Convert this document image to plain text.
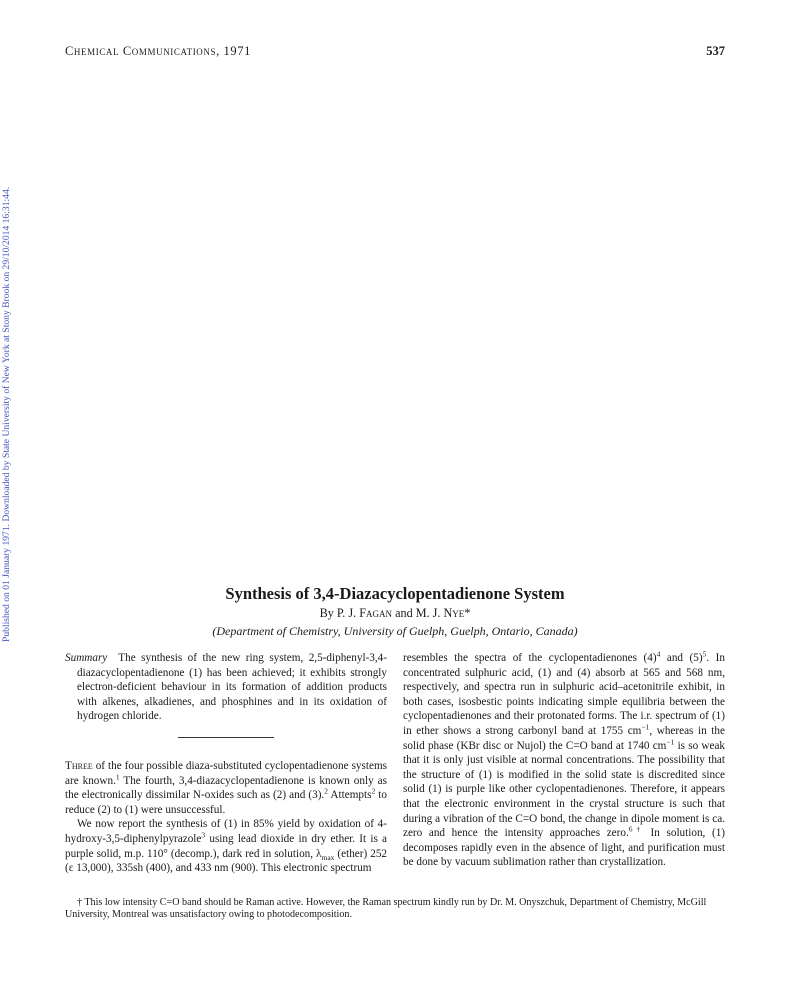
Published on 01 January 1971. Downloaded by State University of New York at Stony Brook on 29/10/2014 16:31:44.
Chemical Communications, 1971	537
Synthesis of 3,4-Diazacyclopentadienone System
By P. J. Fagan and M. J. Nye*
(Department of Chemistry, University of Guelph, Guelph, Ontario, Canada)

Summary The synthesis of the new ring system, 2,5-diphenyl-3,4-diazacyclopentadienone (1) has been achieved; it exhibits strongly electron-deficient behaviour in its formation of addition products with alkenes, alkadienes, and phosphines and in its oxidation of hydrogen chloride.

Three of the four possible diaza-substituted cyclopentadienone systems are known.$^1$ The fourth, 3,4-diazacyclopentadienone is known only as the electronically dissimilar N-oxides such as (2) and (3).$^2$ Attempts$^2$ to reduce (2) to (1) were unsuccessful.

We now report the synthesis of (1) in 85% yield by oxidation of 4-hydroxy-3,5-diphenylpyrazole$^3$ using lead dioxide in dry ether. It is a purple solid, m.p. 110° (decomp.), dark red in solution, $\lambda_{max}$ (ether) 252 (ε 13,000), 335sh (400), and 433 nm (900). This electronic spectrum

resembles the spectra of the cyclopentadienones $(4)^4$ and $(5)^5$. In concentrated sulphuric acid, (1) and (4) absorb at 565 and 568 nm, respectively, and spectra run in sulphuric acid–acetonitrile exhibit, in both cases, isosbestic points indicating simple equilibria between the cyclopentadienones and their protonated forms. The i.r. spectrum of (1) in ether shows a strong carbonyl band at 1755 $cm^{-1}$, whereas in the solid phase (KBr disc or Nujol) the C=O band at 1740 $cm^{-1}$ is so weak that it is only just visible at normal concentrations. The possibility that the structure of (1) is modified in the solid state is discredited since solid (1) is purple like other cyclopentadienones. Therefore, it appears that the electronic environment in the crystal structure is such that during a vibration of the C=O bond, the change in dipole moment is ca. zero and hence the intensity approaches zero.$^{6\dagger}$ In solution, (1) decomposes rapidly even in the absence of light, and purification must be done by vacuum sublimation rather than crystallization.

† This low intensity C=O band should be Raman active. However, the Raman spectrum kindly run by Dr. M. Onyszchuk, Department of Chemistry, McGill University, Montreal was unsatisfactory owing to photodecomposition.
